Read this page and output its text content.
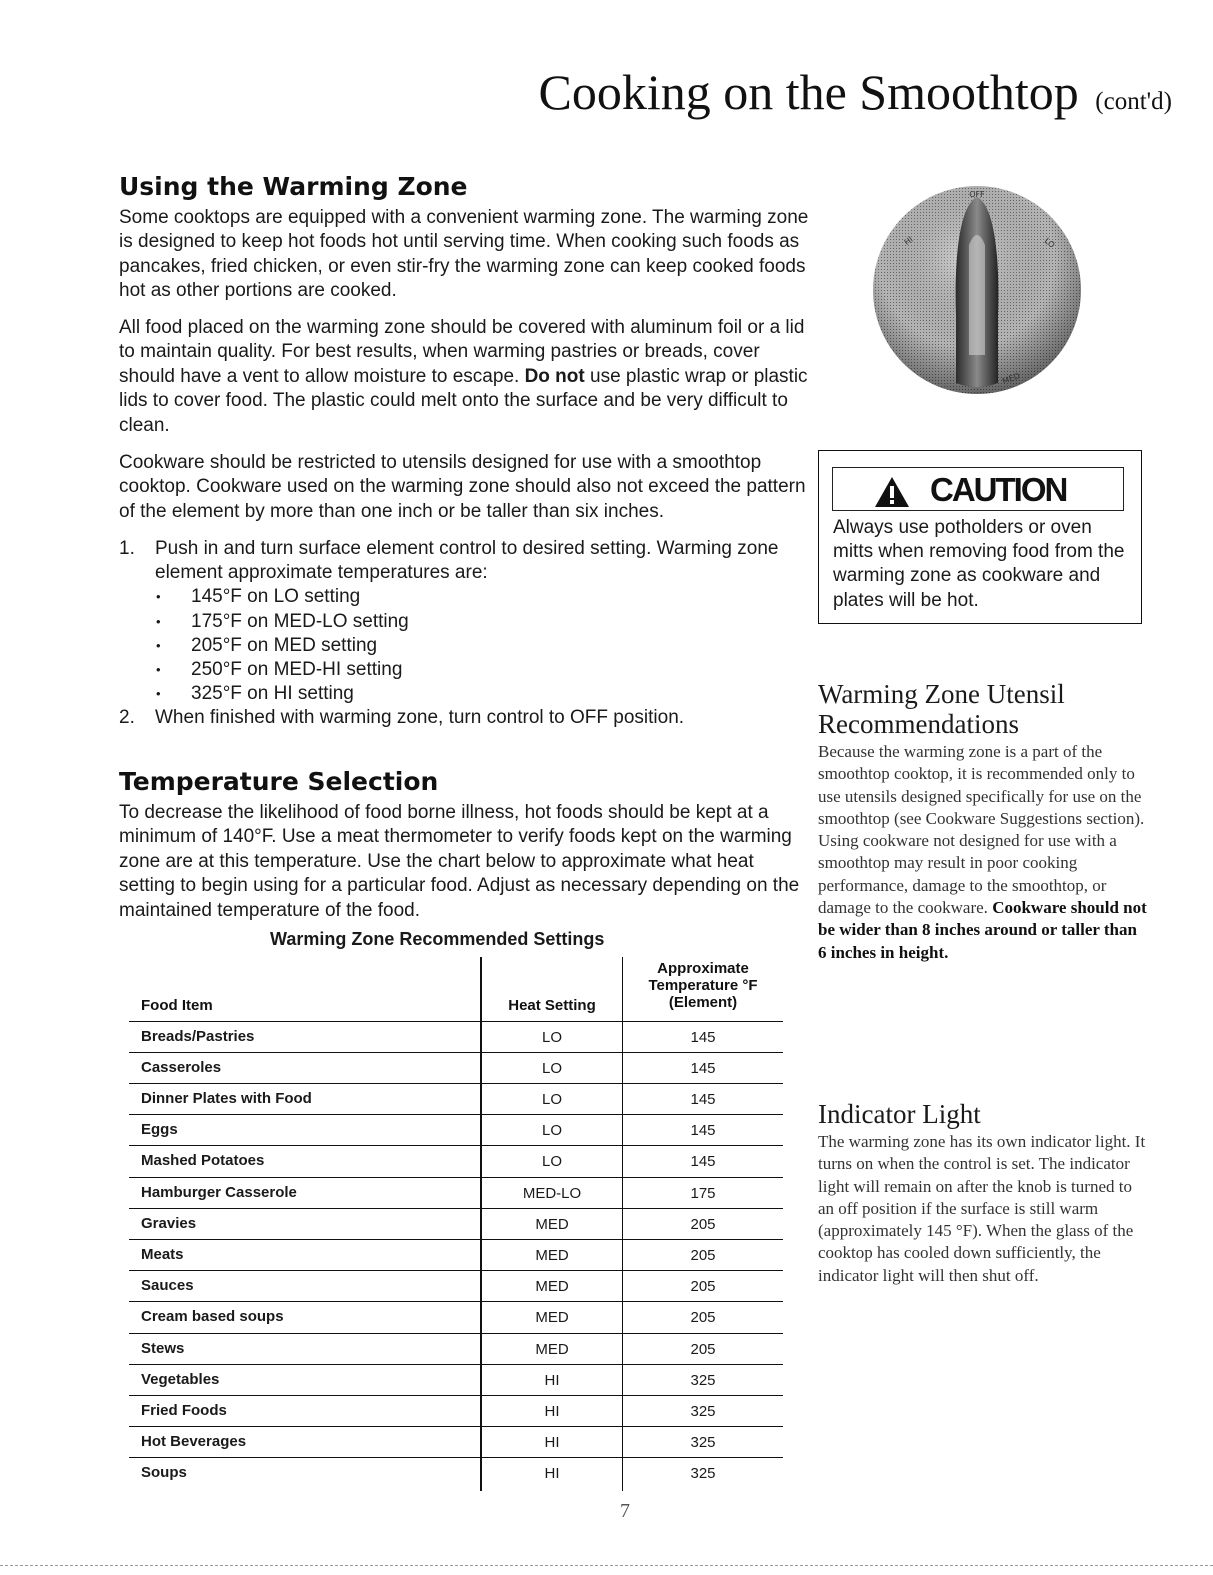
Cooking on the Smoothtop (cont'd)
Using the Warming Zone

Some cooktops are equipped with a convenient warming zone. The warming zone is designed to keep hot foods hot until serving time. When cooking such foods as pancakes, fried chicken, or even stir-fry the warming zone can keep cooked foods hot as other portions are cooked.

All food placed on the warming zone should be covered with aluminum foil or a lid to maintain quality. For best results, when warming pastries or breads, cover should have a vent to allow moisture to escape. Do not use plastic wrap or plastic lids to cover food. The plastic could melt onto the surface and be very difficult to clean.

Cookware should be restricted to utensils designed for use with a smoothtop cooktop. Cookware used on the warming zone should also not exceed the pattern of the element by more than one inch or be taller than six inches.

1. Push in and turn surface element control to desired setting. Warming zone element approximate temperatures are:
• 145°F on LO setting
• 175°F on MED-LO setting
• 205°F on MED setting
• 250°F on MED-HI setting
• 325°F on HI setting
2. When finished with warming zone, turn control to OFF position.
Temperature Selection

To decrease the likelihood of food borne illness, hot foods should be kept at a minimum of 140°F. Use a meat thermometer to verify foods kept on the warming zone are at this temperature. Use the chart below to approximate what heat setting to begin using for a particular food. Adjust as necessary depending on the maintained temperature of the food.

Warming Zone Recommended Settings
Food Item	Heat Setting
Approximate
Temperature °F
(Element)
Breads/Pastries	LO	145
Casseroles	LO	145
Dinner Plates with Food	LO	145
Eggs	LO	145
Mashed Potatoes	LO	145
Hamburger Casserole	MED-LO	175
Gravies	MED	205
Meats	MED	205
Sauces	MED	205
Cream based soups	MED	205
Stews	MED	205
Vegetables	HI	325
Fried Foods	HI	325
Hot Beverages	HI	325
Soups	HI	325
OFF
HI	LO
MED
CAUTION
Always use potholders or oven mitts when removing food from the warming zone as cookware and plates will be hot.
Warming Zone Utensil Recommendations
Because the warming zone is a part of the smoothtop cooktop, it is recommended only to use utensils designed specifically for use on the smoothtop (see Cookware Suggestions section). Using cookware not designed for use with a smoothtop may result in poor cooking performance, damage to the smoothtop, or damage to the cookware. Cookware should not be wider than 8 inches around or taller than 6 inches in height.
Indicator Light
The warming zone has its own indicator light. It turns on when the control is set. The indicator light will remain on after the knob is turned to an off position if the surface is still warm (approximately 145 °F). When the glass of the cooktop has cooled down sufficiently, the indicator light will then shut off.
7
